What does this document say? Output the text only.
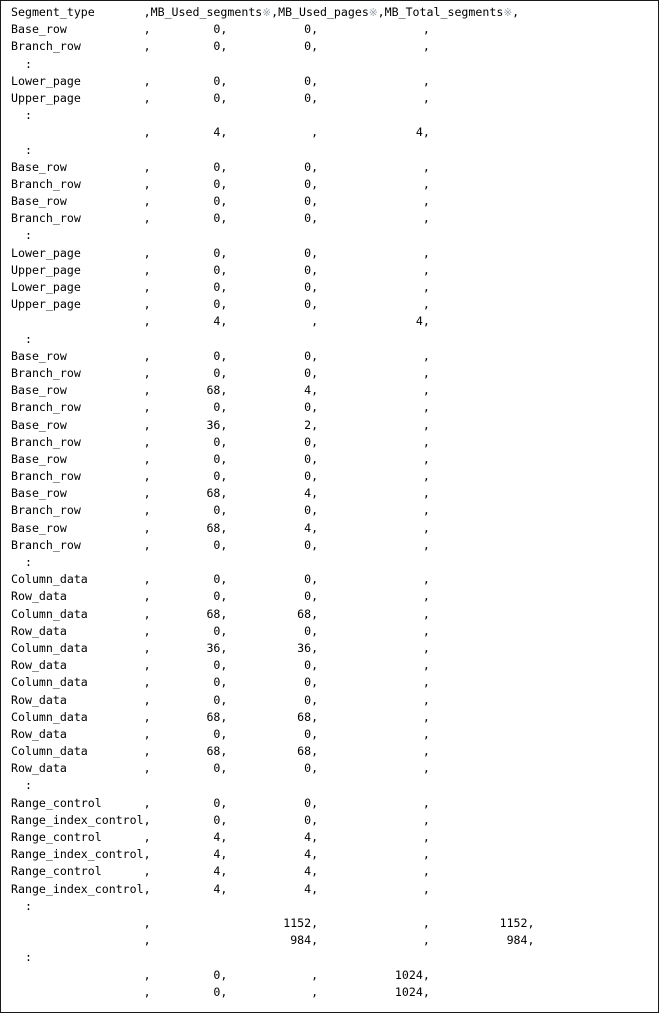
Segment_type       ,MB_Used_segments※,MB_Used_pages※,MB_Total_segments※,
Base_row           ,         0,           0,               ,
Branch_row         ,         0,           0,               ,
:
Lower_page         ,         0,           0,               ,
Upper_page         ,         0,           0,               ,
:
,         4,            ,              4,
:
Base_row           ,         0,           0,               ,
Branch_row         ,         0,           0,               ,
Base_row           ,         0,           0,               ,
Branch_row         ,         0,           0,               ,
:
Lower_page         ,         0,           0,               ,
Upper_page         ,         0,           0,               ,
Lower_page         ,         0,           0,               ,
Upper_page         ,         0,           0,               ,
,         4,            ,              4,
:
Base_row           ,         0,           0,               ,
Branch_row         ,         0,           0,               ,
Base_row           ,        68,           4,               ,
Branch_row         ,         0,           0,               ,
Base_row           ,        36,           2,               ,
Branch_row         ,         0,           0,               ,
Base_row           ,         0,           0,               ,
Branch_row         ,         0,           0,               ,
Base_row           ,        68,           4,               ,
Branch_row         ,         0,           0,               ,
Base_row           ,        68,           4,               ,
Branch_row         ,         0,           0,               ,
:
Column_data        ,         0,           0,               ,
Row_data           ,         0,           0,               ,
Column_data        ,        68,          68,               ,
Row_data           ,         0,           0,               ,
Column_data        ,        36,          36,               ,
Row_data           ,         0,           0,               ,
Column_data        ,         0,           0,               ,
Row_data           ,         0,           0,               ,
Column_data        ,        68,          68,               ,
Row_data           ,         0,           0,               ,
Column_data        ,        68,          68,               ,
Row_data           ,         0,           0,               ,
:
Range_control      ,         0,           0,               ,
Range_index_control,         0,           0,               ,
Range_control      ,         4,           4,               ,
Range_index_control,         4,           4,               ,
Range_control      ,         4,           4,               ,
Range_index_control,         4,           4,               ,
:
,                   1152,               ,          1152,
,                    984,               ,           984,
:
,         0,            ,           1024,
,         0,            ,           1024,
